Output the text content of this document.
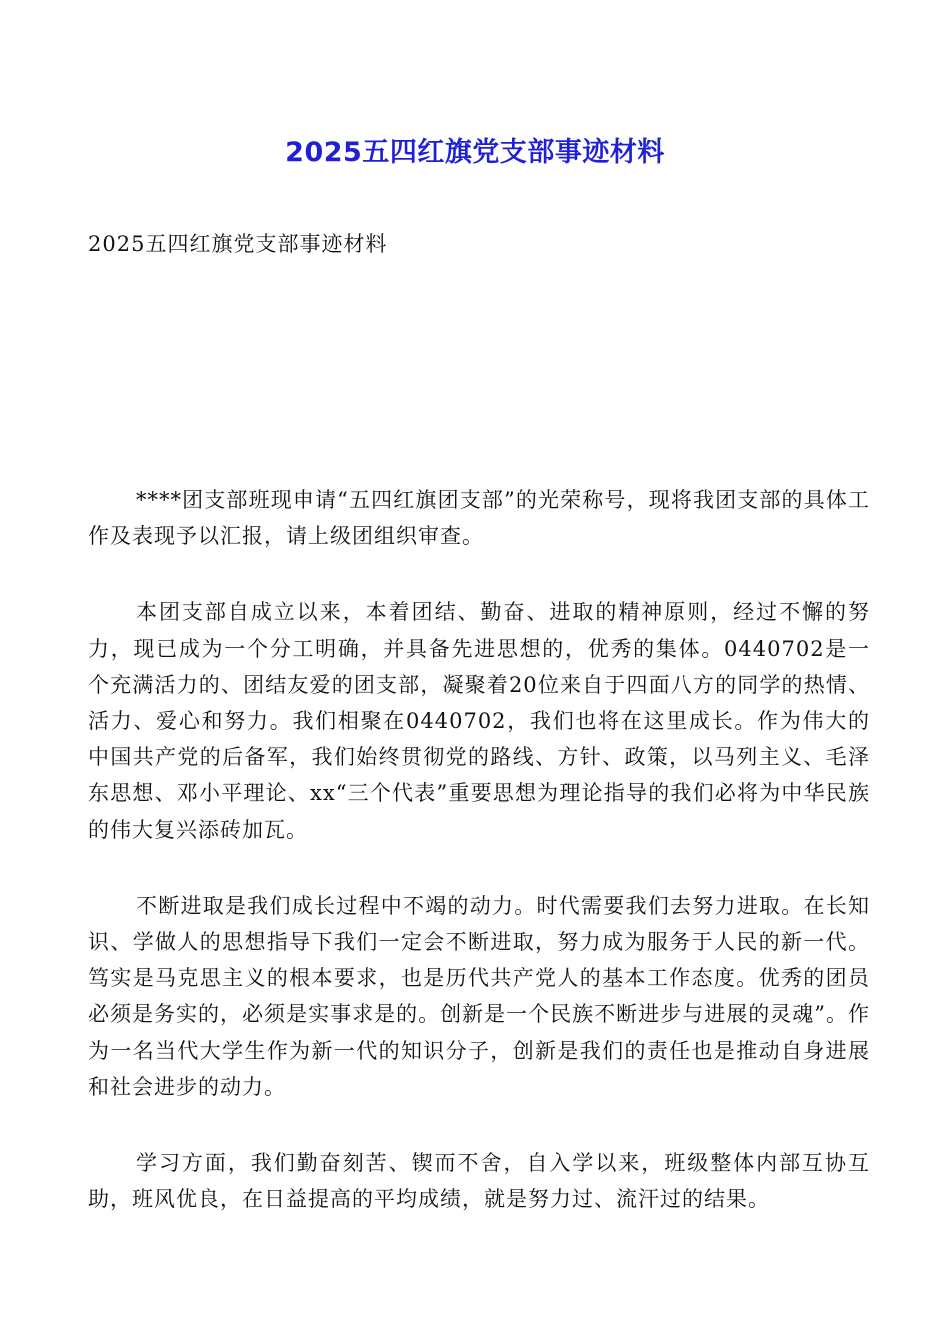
2025五四红旗党支部事迹材料

2025五四红旗党支部事迹材料

****团支部班现申请“五四红旗团支部”的光荣称号，现将我团支部的具体工作及表现予以汇报，请上级团组织审查。

本团支部自成立以来，本着团结、勤奋、进取的精神原则，经过不懈的努力，现已成为一个分工明确，并具备先进思想的，优秀的集体。0440702是一个充满活力的、团结友爱的团支部，凝聚着20位来自于四面八方的同学的热情、活力、爱心和努力。我们相聚在0440702，我们也将在这里成长。作为伟大的中国共产党的后备军，我们始终贯彻党的路线、方针、政策，以马列主义、毛泽东思想、邓小平理论、xx“三个代表”重要思想为理论指导的我们必将为中华民族的伟大复兴添砖加瓦。

不断进取是我们成长过程中不竭的动力。时代需要我们去努力进取。在长知识、学做人的思想指导下我们一定会不断进取，努力成为服务于人民的新一代。笃实是马克思主义的根本要求，也是历代共产党人的基本工作态度。优秀的团员必须是务实的，必须是实事求是的。创新是一个民族不断进步与进展的灵魂”。作为一名当代大学生作为新一代的知识分子，创新是我们的责任也是推动自身进展和社会进步的动力。

学习方面，我们勤奋刻苦、锲而不舍，自入学以来，班级整体内部互协互助，班风优良，在日益提高的平均成绩，就是努力过、流汗过的结果。
